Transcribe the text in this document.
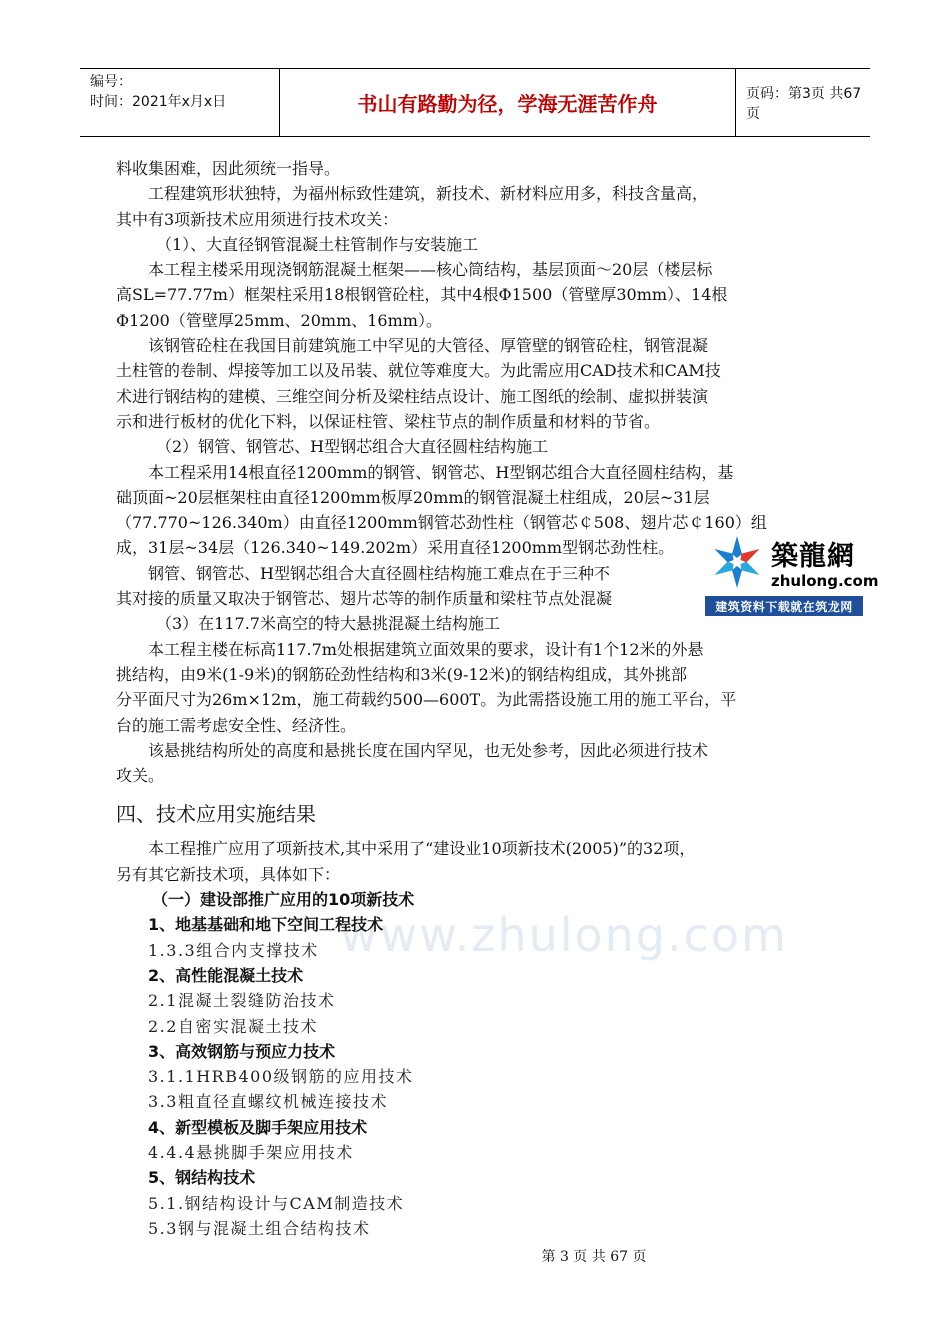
编号：
时间：2021年x月x日	书山有路勤为径，学海无涯苦作舟	页码：第3页 共67页
www.zhulong.com
料收集困难，因此须统一指导。
工程建筑形状独特，为福州标致性建筑，新技术、新材料应用多，科技含量高，
其中有3项新技术应用须进行技术攻关：
（1）、大直径钢管混凝土柱管制作与安装施工
本工程主楼采用现浇钢筋混凝土框架——核心筒结构，基层顶面～20层（楼层标
高SL=77.77m）框架柱采用18根钢管砼柱，其中4根Φ1500（管壁厚30mm）、14根
Φ1200（管壁厚25mm、20mm、16mm）。
该钢管砼柱在我国目前建筑施工中罕见的大管径、厚管壁的钢管砼柱，钢管混凝
土柱管的卷制、焊接等加工以及吊装、就位等难度大。为此需应用CAD技术和CAM技
术进行钢结构的建模、三维空间分析及梁柱结点设计、施工图纸的绘制、虚拟拼装演
示和进行板材的优化下料，以保证柱管、梁柱节点的制作质量和材料的节省。
（2）钢管、钢管芯、H型钢芯组合大直径圆柱结构施工
本工程采用14根直径1200mm的钢管、钢管芯、H型钢芯组合大直径圆柱结构，基
础顶面~20层框架柱由直径1200mm板厚20mm的钢管混凝土柱组成，20层~31层
（77.770~126.340m）由直径1200mm钢管芯劲性柱（钢管芯￠508、翅片芯￠160）组
成，31层~34层（126.340~149.202m）采用直径1200mm型钢芯劲性柱。
钢管、钢管芯、H型钢芯组合大直径圆柱结构施工难点在于三种不
其对接的质量又取决于钢管芯、翅片芯等的制作质量和梁柱节点处混凝
（3）在117.7米高空的特大悬挑混凝土结构施工
本工程主楼在标高117.7m处根据建筑立面效果的要求，设计有1个12米的外悬
挑结构，由9米(1-9米)的钢筋砼劲性结构和3米(9-12米)的钢结构组成，其外挑部
分平面尺寸为26m×12m，施工荷载约500—600T。为此需搭设施工用的施工平台，平
台的施工需考虑安全性、经济性。
该悬挑结构所处的高度和悬挑长度在国内罕见，也无处参考，因此必须进行技术
攻关。
四、技术应用实施结果
本工程推广应用了项新技术,其中采用了“建设业10项新技术(2005)”的32项，
另有其它新技术项，具体如下：
（一）建设部推广应用的10项新技术
1、地基基础和地下空间工程技术
1.3.3组合内支撑技术
2、高性能混凝土技术
2.1混凝土裂缝防治技术
2.2自密实混凝土技术
3、高效钢筋与预应力技术
3.1.1HRB400级钢筋的应用技术
3.3粗直径直螺纹机械连接技术
4、新型模板及脚手架应用技术
4.4.4悬挑脚手架应用技术
5、钢结构技术
5.1.钢结构设计与CAM制造技术
5.3钢与混凝土组合结构技术
築龍網
zhulong.com
建筑资料下载就在筑龙网
第 3 页 共 67 页
